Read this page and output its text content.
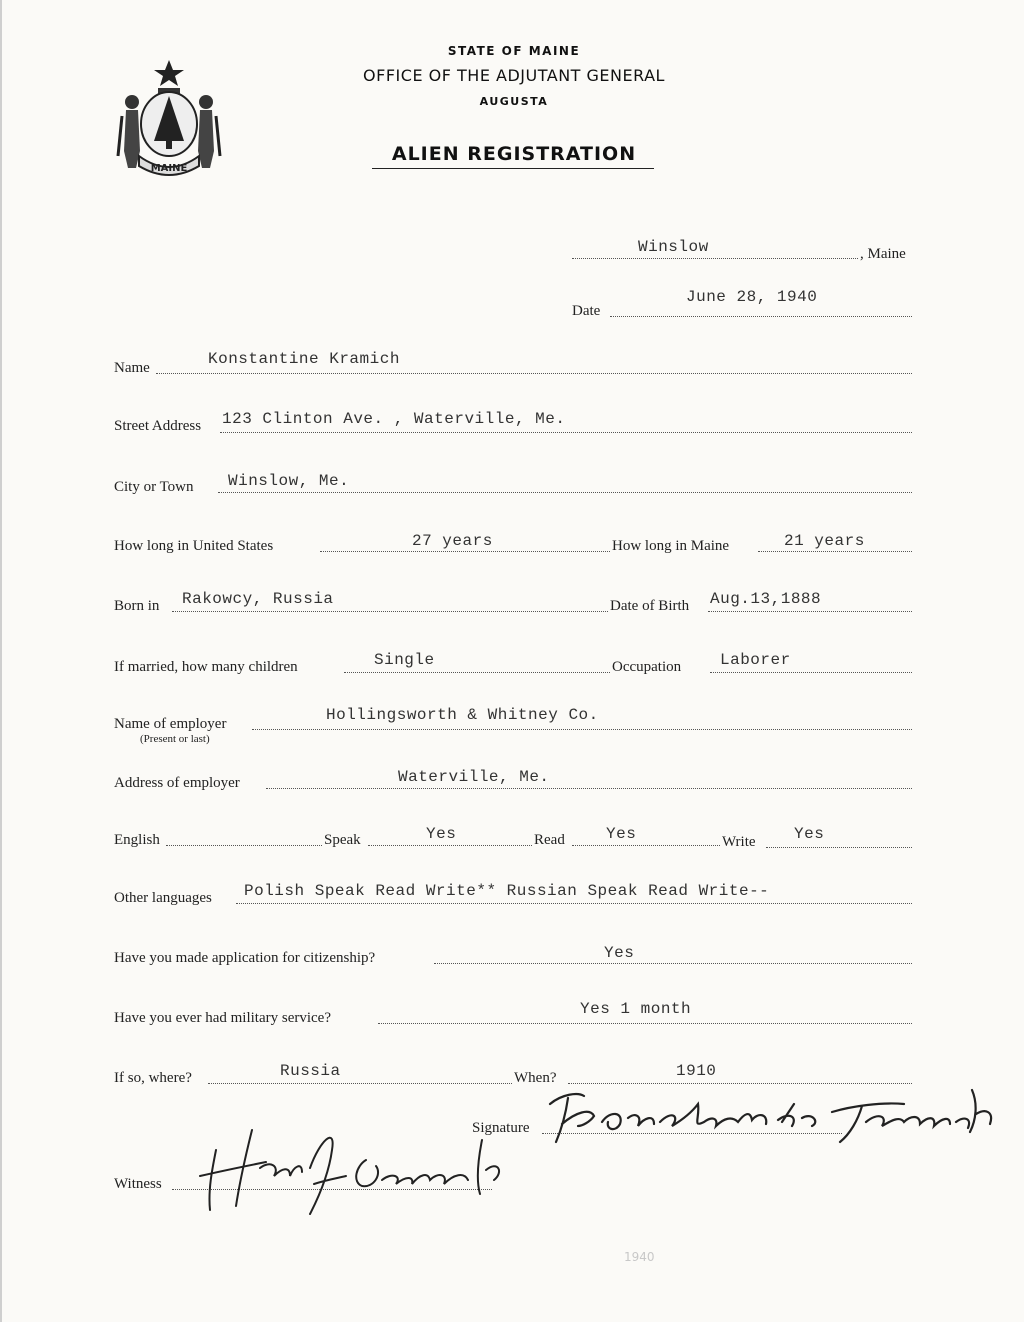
MAINE
STATE OF MAINE
OFFICE OF THE ADJUTANT GENERAL
AUGUSTA
ALIEN REGISTRATION
Winslow	, Maine
Date
June 28, 1940
Name	Konstantine Kramich
Street Address 123 Clinton Ave. , Waterville, Me.
City or Town Winslow, Me.
How long in United States	27 years	How long in Maine	21 years
Born in Rakowcy, Russia	Date of Birth Aug.13,1888
If married, how many children	Single	Occupation Laborer
Name of employer
(Present or last)
Hollingsworth & Whitney Co.
Address of employer	Waterville, Me.
English	Speak	Yes	Read	Yes	Write Yes
Other languages Polish Speak Read Write** Russian Speak Read Write--
Have you made application for citizenship?	Yes
Have you ever had military service?	Yes 1 month
If so, where?	Russia	When?	1910
Signature
Witness
1940
